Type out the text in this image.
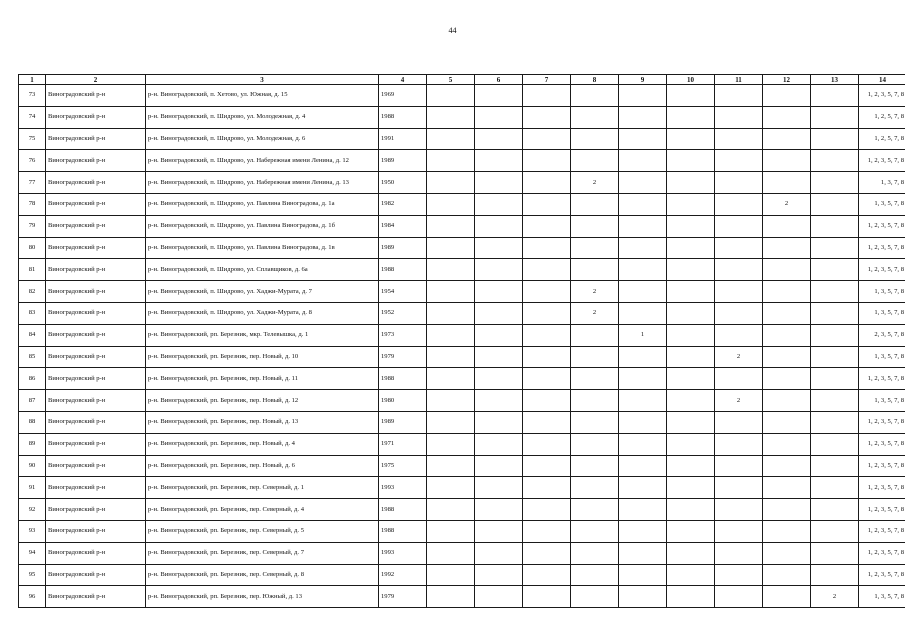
44
1	2	3	4	5	6	7	8	9	10	11	12	13	14
73	Виноградовский р-н	р-н. Виноградовский, п. Хетово, ул. Южная, д. 15	1969										1, 2, 3, 5, 7, 8
74	Виноградовский р-н	р-н. Виноградовский, п. Шидрово, ул. Молодежная, д. 4	1988										1, 2, 5, 7, 8
75	Виноградовский р-н	р-н. Виноградовский, п. Шидрово, ул. Молодежная, д. 6	1991										1, 2, 5, 7, 8
76	Виноградовский р-н	р-н. Виноградовский, п. Шидрово, ул. Набережная имени Ленина, д. 12	1989										1, 2, 3, 5, 7, 8
77	Виноградовский р-н	р-н. Виноградовский, п. Шидрово, ул. Набережная имени Ленина, д. 13	1950				2						1, 3, 7, 8
78	Виноградовский р-н	р-н. Виноградовский, п. Шидрово, ул. Павлина Виноградова, д. 1а	1982								2		1, 3, 5, 7, 8
79	Виноградовский р-н	р-н. Виноградовский, п. Шидрово, ул. Павлина Виноградова, д. 1б	1984										1, 2, 3, 5, 7, 8
80	Виноградовский р-н	р-н. Виноградовский, п. Шидрово, ул. Павлина Виноградова, д. 1в	1989										1, 2, 3, 5, 7, 8
81	Виноградовский р-н	р-н. Виноградовский, п. Шидрово, ул. Сплавщиков, д. 6а	1988										1, 2, 3, 5, 7, 8
82	Виноградовский р-н	р-н. Виноградовский, п. Шидрово, ул. Хаджи-Мурата, д. 7	1954				2						1, 3, 5, 7, 8
83	Виноградовский р-н	р-н. Виноградовский, п. Шидрово, ул. Хаджи-Мурата, д. 8	1952				2						1, 3, 5, 7, 8
84	Виноградовский р-н	р-н. Виноградовский, рп. Березник, мкр. Телевышка, д. 1	1973					1					2, 3, 5, 7, 8
85	Виноградовский р-н	р-н. Виноградовский, рп. Березник, пер. Новый, д. 10	1979							2			1, 3, 5, 7, 8
86	Виноградовский р-н	р-н. Виноградовский, рп. Березник, пер. Новый, д. 11	1988										1, 2, 3, 5, 7, 8
87	Виноградовский р-н	р-н. Виноградовский, рп. Березник, пер. Новый, д. 12	1980							2			1, 3, 5, 7, 8
88	Виноградовский р-н	р-н. Виноградовский, рп. Березник, пер. Новый, д. 13	1989										1, 2, 3, 5, 7, 8
89	Виноградовский р-н	р-н. Виноградовский, рп. Березник, пер. Новый, д. 4	1971										1, 2, 3, 5, 7, 8
90	Виноградовский р-н	р-н. Виноградовский, рп. Березник, пер. Новый, д. 6	1975										1, 2, 3, 5, 7, 8
91	Виноградовский р-н	р-н. Виноградовский, рп. Березник, пер. Северный, д. 1	1993										1, 2, 3, 5, 7, 8
92	Виноградовский р-н	р-н. Виноградовский, рп. Березник, пер. Северный, д. 4	1988										1, 2, 3, 5, 7, 8
93	Виноградовский р-н	р-н. Виноградовский, рп. Березник, пер. Северный, д. 5	1988										1, 2, 3, 5, 7, 8
94	Виноградовский р-н	р-н. Виноградовский, рп. Березник, пер. Северный, д. 7	1993										1, 2, 3, 5, 7, 8
95	Виноградовский р-н	р-н. Виноградовский, рп. Березник, пер. Северный, д. 8	1992										1, 2, 3, 5, 7, 8
96	Виноградовский р-н	р-н. Виноградовский, рп. Березник, пер. Южный, д. 13	1979									2	1, 3, 5, 7, 8
